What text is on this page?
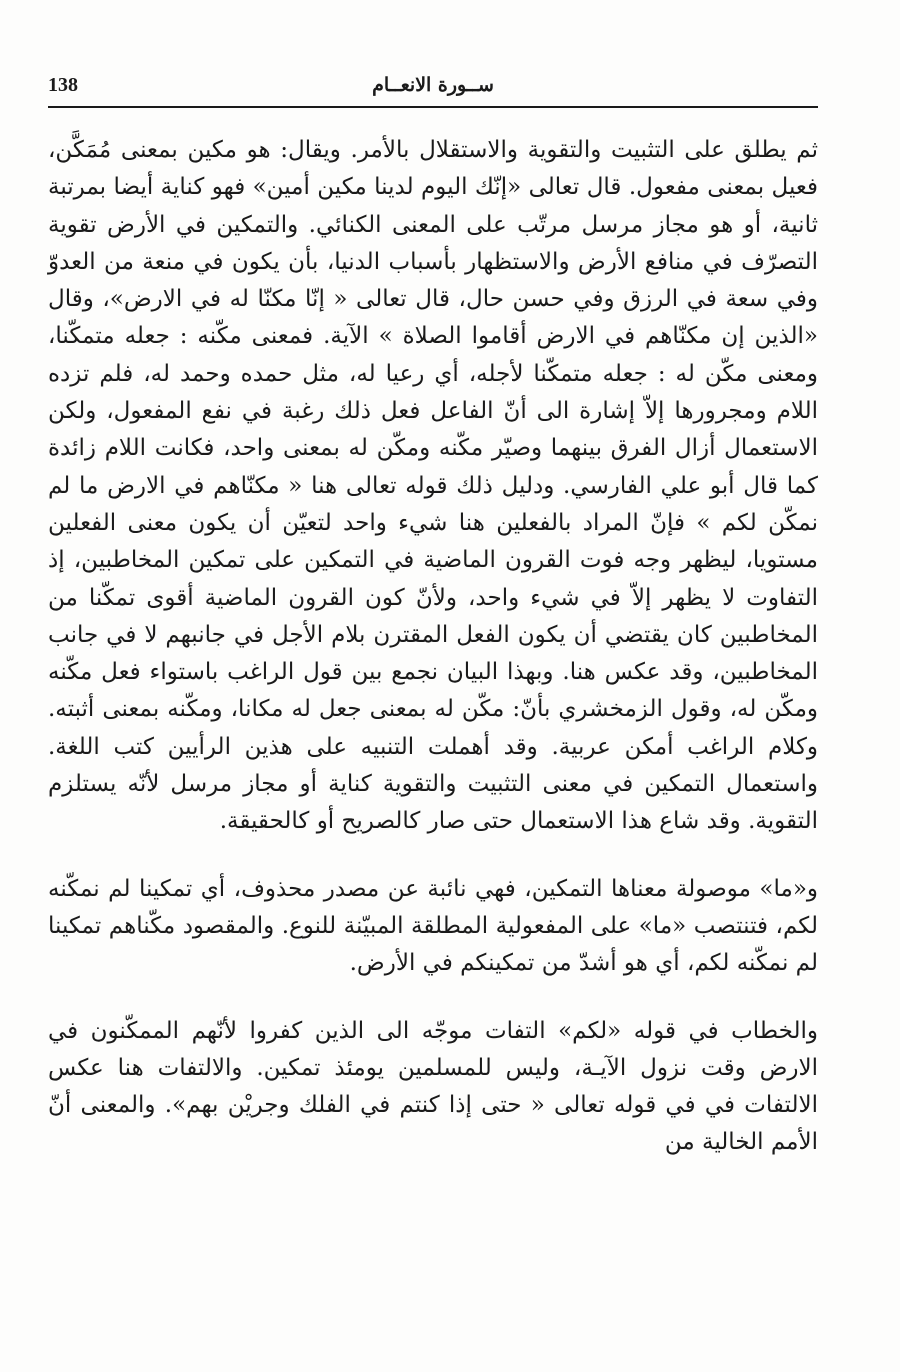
138	ســورة الانعــام

ثم يطلق على التثبيت والتقوية والاستقلال بالأمر. ويقال: هو مكين بمعنى مُمَكَّن، فعيل بمعنى مفعول. قال تعالى «إنّك اليوم لدينا مكين أمين» فهو كناية أيضا بمرتبة ثانية، أو هو مجاز مرسل مرتّب على المعنى الكنائي. والتمكين في الأرض تقوية التصرّف في منافع الأرض والاستظهار بأسباب الدنيا، بأن يكون في منعة من العدوّ وفي سعة في الرزق وفي حسن حال، قال تعالى « إنّا مكنّا له في الارض»، وقال «الذين إن مكنّاهم في الارض أقاموا الصلاة » الآية. فمعنى مكّنه : جعله متمكّنا، ومعنى مكّن له : جعله متمكّنا لأجله، أي رعيا له، مثل حمده وحمد له، فلم تزده اللام ومجرورها إلاّ إشارة الى أنّ الفاعل فعل ذلك رغبة في نفع المفعول، ولكن الاستعمال أزال الفرق بينهما وصيّر مكّنه ومكّن له بمعنى واحد، فكانت اللام زائدة كما قال أبو علي الفارسي. ودليل ذلك قوله تعالى هنا « مكنّاهم في الارض ما لم نمكّن لكم » فإنّ المراد بالفعلين هنا شيء واحد لتعيّن أن يكون معنى الفعلين مستويا، ليظهر وجه فوت القرون الماضية في التمكين على تمكين المخاطبين، إذ التفاوت لا يظهر إلاّ في شيء واحد، ولأنّ كون القرون الماضية أقوى تمكّنا من المخاطبين كان يقتضي أن يكون الفعل المقترن بلام الأجل في جانبهم لا في جانب المخاطبين، وقد عكس هنا. وبهذا البيان نجمع بين قول الراغب باستواء فعل مكّنه ومكّن له، وقول الزمخشري بأنّ: مكّن له بمعنى جعل له مكانا، ومكّنه بمعنى أثبته. وكلام الراغب أمكن عربية. وقد أهملت التنبيه على هذين الرأيين كتب اللغة. واستعمال التمكين في معنى التثبيت والتقوية كناية أو مجاز مرسل لأنّه يستلزم التقوية. وقد شاع هذا الاستعمال حتى صار كالصريح أو كالحقيقة.

و«ما» موصولة معناها التمكين، فهي نائبة عن مصدر محذوف، أي تمكينا لم نمكّنه لكم، فتنتصب «ما» على المفعولية المطلقة المبيّنة للنوع. والمقصود مكّناهم تمكينا لم نمكّنه لكم، أي هو أشدّ من تمكينكم في الأرض.

والخطاب في قوله «لكم» التفات موجّه الى الذين كفروا لأنّهم الممكّنون في الارض وقت نزول الآيـة، وليس للمسلمين يومئذ تمكين. والالتفات هنا عكس الالتفات في في قوله تعالى « حتى إذا كنتم في الفلك وجريْن بهم». والمعنى أنّ الأمم الخالية من
